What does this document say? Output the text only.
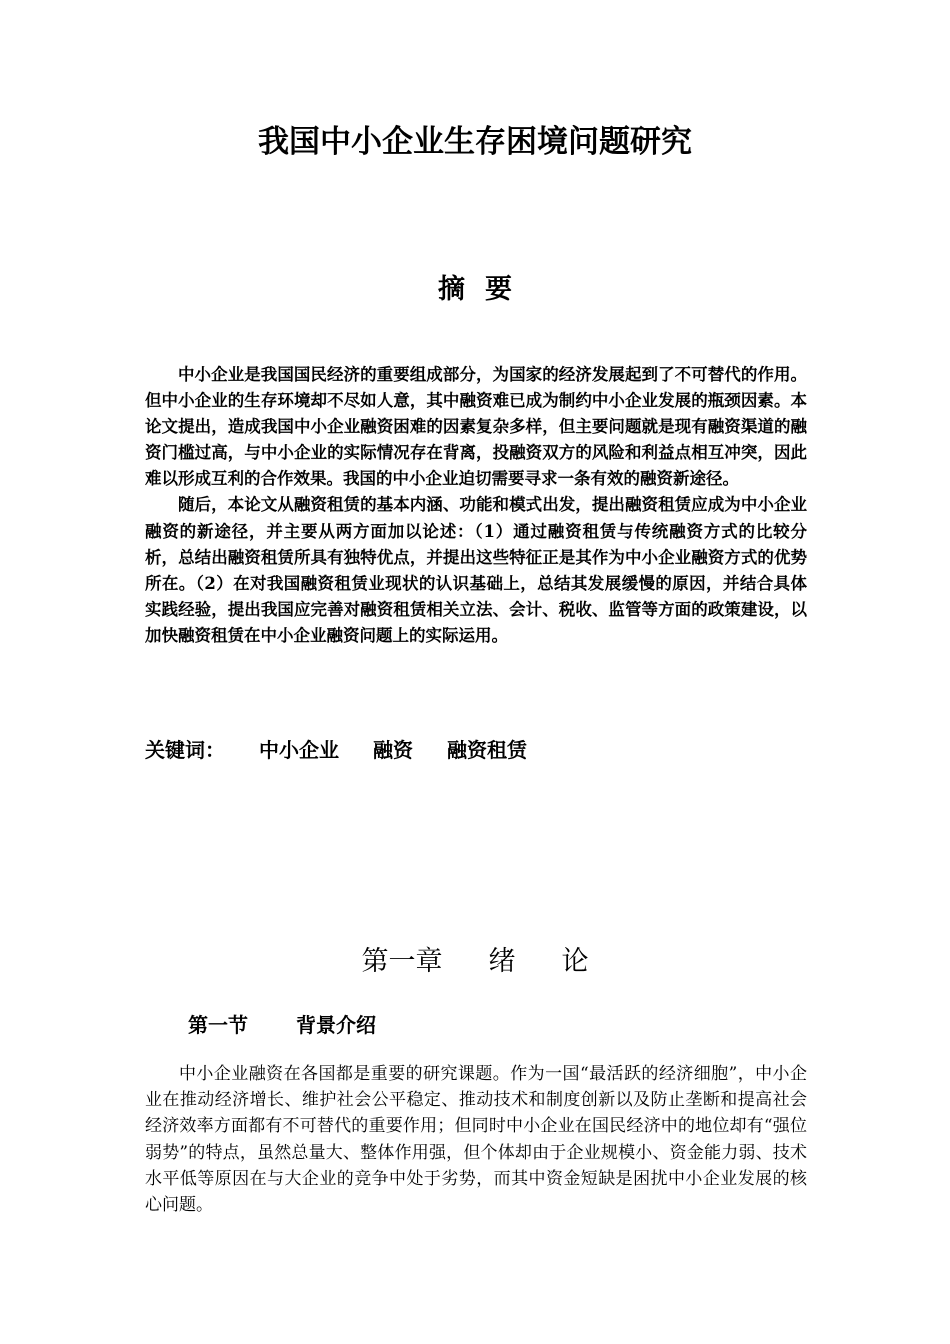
我国中小企业生存困境问题研究
摘要

中小企业是我国国民经济的重要组成部分，为国家的经济发展起到了不可替代的作用。但中小企业的生存环境却不尽如人意，其中融资难已成为制约中小企业发展的瓶颈因素。本论文提出，造成我国中小企业融资困难的因素复杂多样，但主要问题就是现有融资渠道的融资门槛过高，与中小企业的实际情况存在背离，投融资双方的风险和利益点相互冲突，因此难以形成互利的合作效果。我国的中小企业迫切需要寻求一条有效的融资新途径。

随后，本论文从融资租赁的基本内涵、功能和模式出发，提出融资租赁应成为中小企业融资的新途径，并主要从两方面加以论述：（1）通过融资租赁与传统融资方式的比较分析，总结出融资租赁所具有独特优点，并提出这些特征正是其作为中小企业融资方式的优势所在。（2）在对我国融资租赁业现状的认识基础上，总结其发展缓慢的原因，并结合具体实践经验，提出我国应完善对融资租赁相关立法、会计、税收、监管等方面的政策建设，以加快融资租赁在中小企业融资问题上的实际运用。

关键词： 中小企业 融资 融资租赁
第一章 绪 论
第一节 背景介绍

中小企业融资在各国都是重要的研究课题。作为一国“最活跃的经济细胞”，中小企业在推动经济增长、维护社会公平稳定、推动技术和制度创新以及防止垄断和提高社会经济效率方面都有不可替代的重要作用；但同时中小企业在国民经济中的地位却有“强位弱势”的特点，虽然总量大、整体作用强，但个体却由于企业规模小、资金能力弱、技术水平低等原因在与大企业的竞争中处于劣势，而其中资金短缺是困扰中小企业发展的核心问题。
